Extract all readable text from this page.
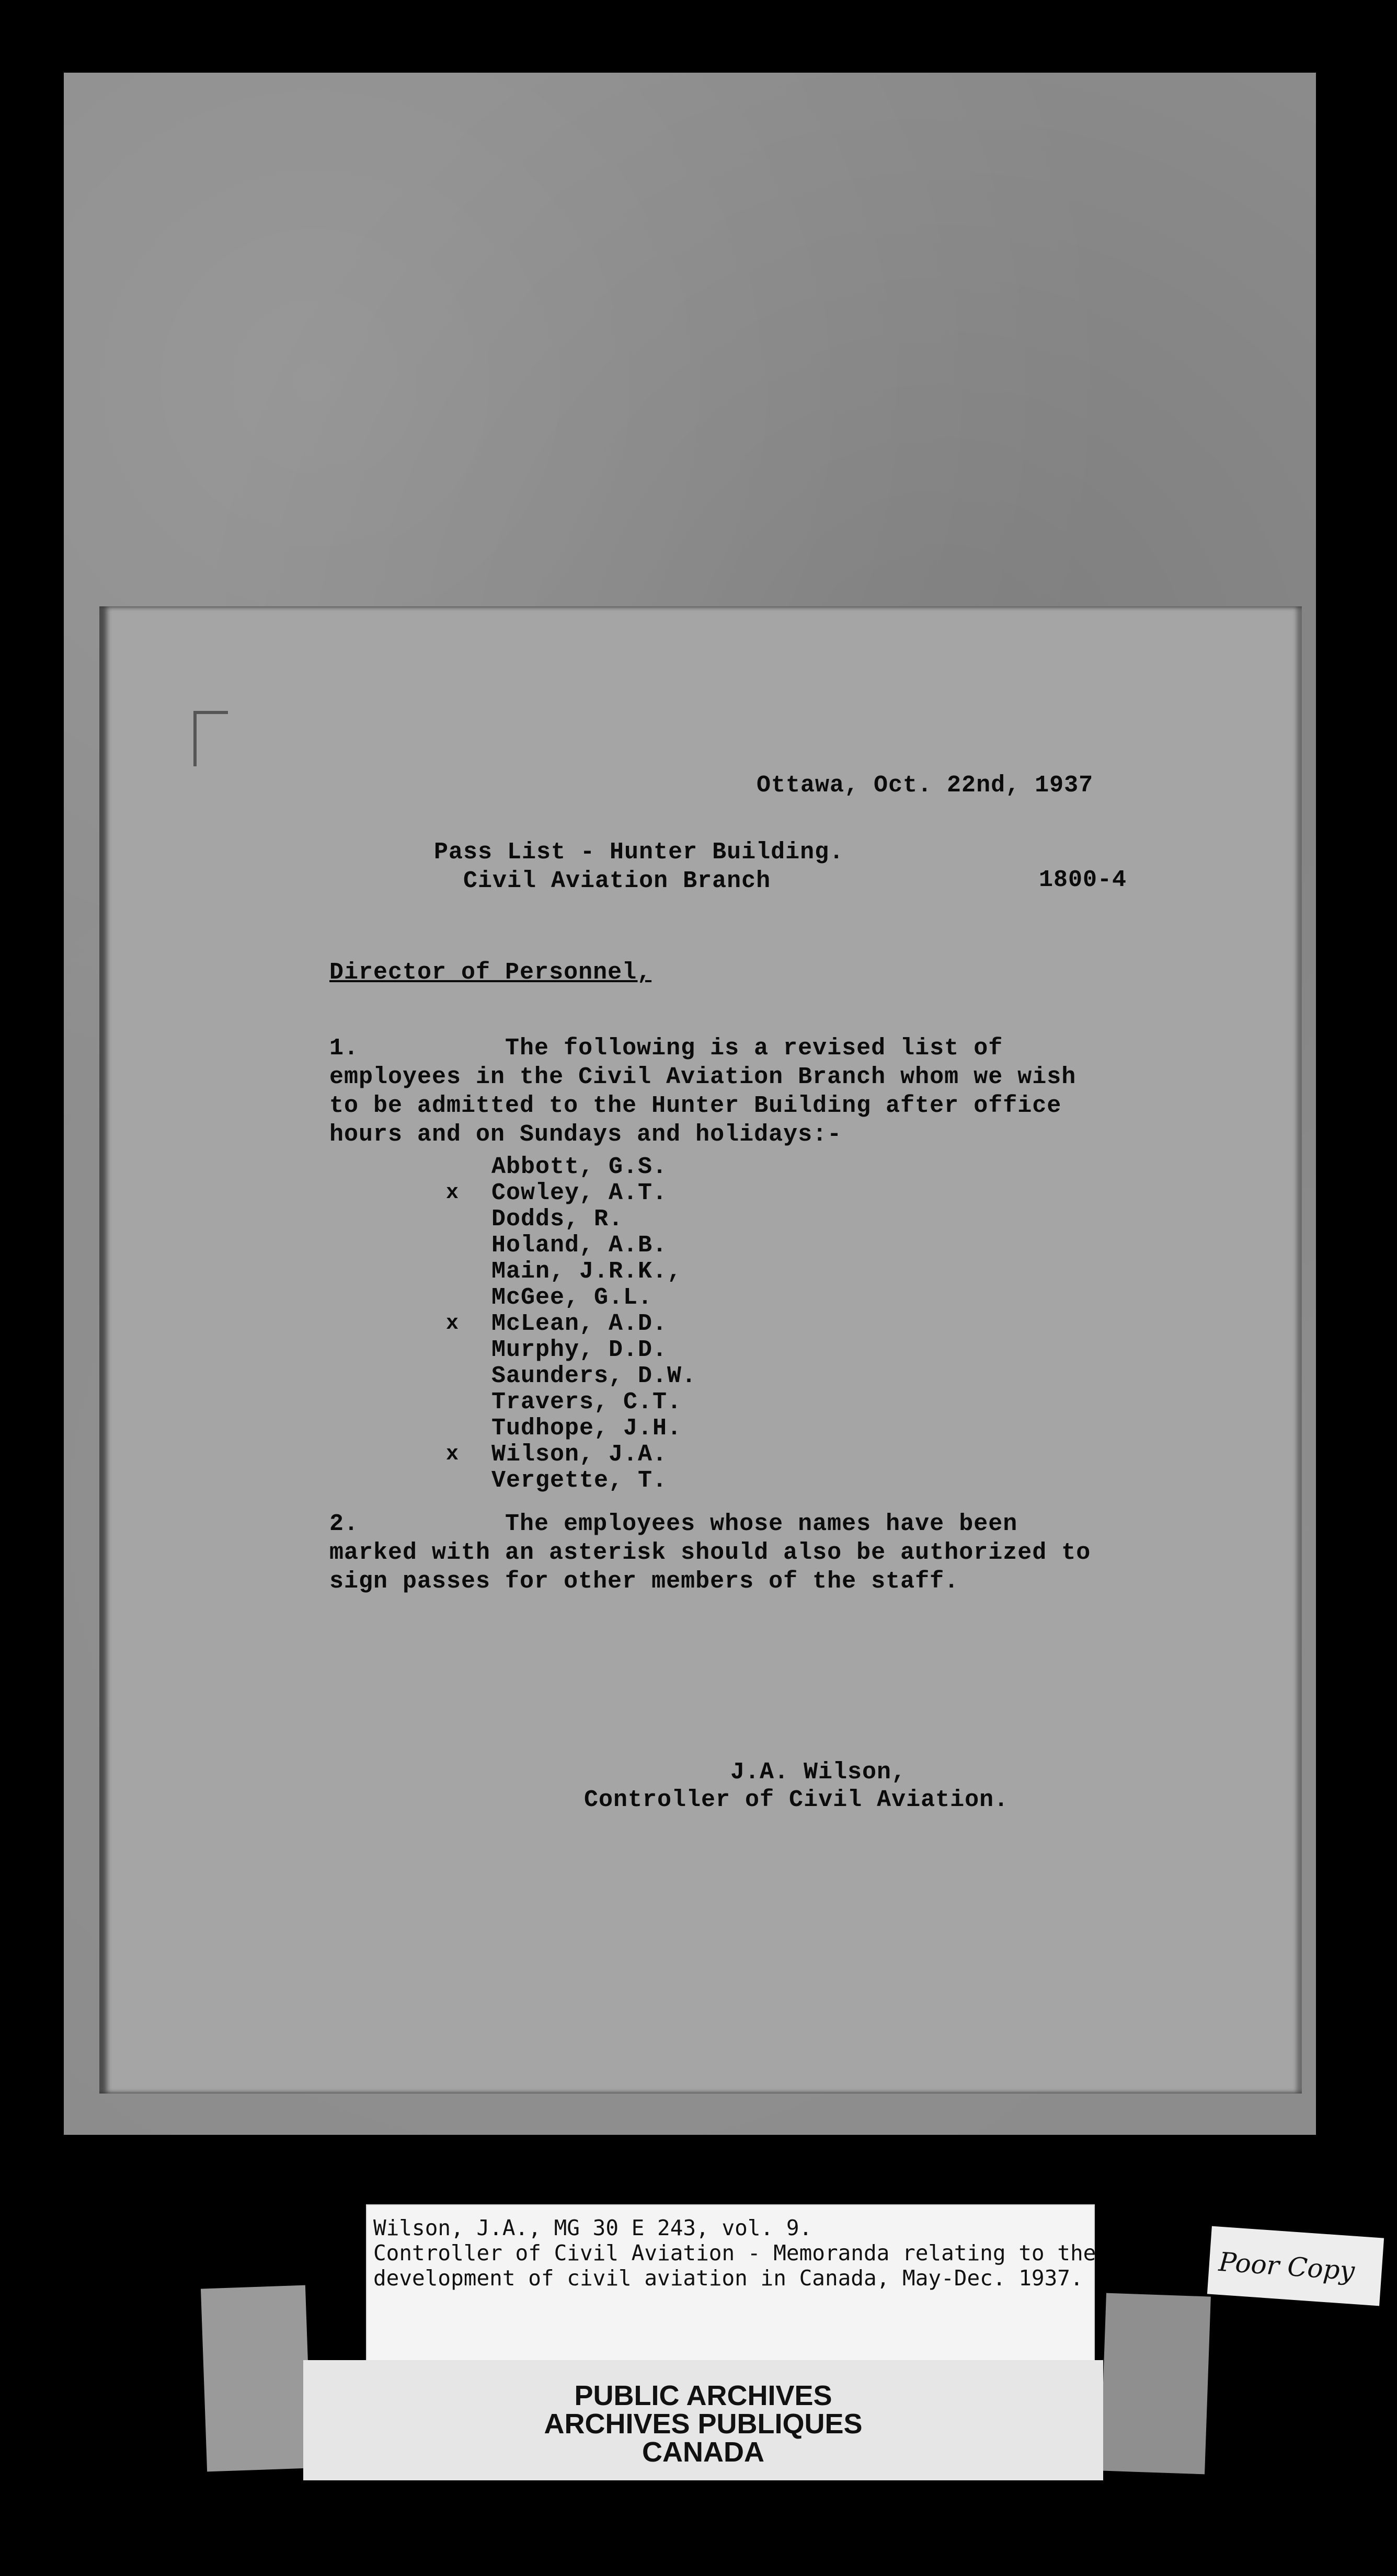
Ottawa, Oct. 22nd, 1937
Pass List - Hunter Building.
Civil Aviation Branch	1800-4
Director of Personnel,
1.          The following is a revised list of
employees in the Civil Aviation Branch whom we wish
to be admitted to the Hunter Building after office
hours and on Sundays and holidays:-
Abbott, G.S.
x Cowley, A.T.
Dodds, R.
Holand, A.B.
Main, J.R.K.,
McGee, G.L.
x McLean, A.D.
Murphy, D.D.
Saunders, D.W.
Travers, C.T.
Tudhope, J.H.
x Wilson, J.A.
Vergette, T.
2.          The employees whose names have been
marked with an asterisk should also be authorized to
sign passes for other members of the staff.
J.A. Wilson,
Controller of Civil Aviation.
Wilson, J.A., MG 30 E 243, vol. 9.
Controller of Civil Aviation - Memoranda relating to the
development of civil aviation in Canada, May-Dec. 1937.
PUBLIC ARCHIVES
ARCHIVES PUBLIQUES
CANADA
Poor Copy
